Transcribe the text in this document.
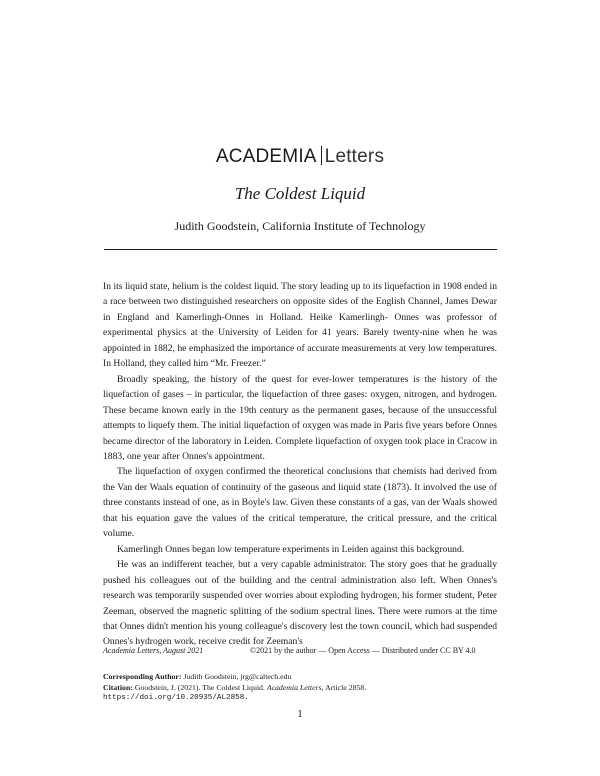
ACADEMIA Letters
The Coldest Liquid
Judith Goodstein, California Institute of Technology

In its liquid state, helium is the coldest liquid. The story leading up to its liquefaction in 1908 ended in a race between two distinguished researchers on opposite sides of the English Channel, James Dewar in England and Kamerlingh-Onnes in Holland. Heike Kamerlingh- Onnes was professor of experimental physics at the University of Leiden for 41 years. Barely twenty-nine when he was appointed in 1882, he emphasized the importance of accurate measurements at very low temperatures. In Holland, they called him “Mr. Freezer.”

Broadly speaking, the history of the quest for ever-lower temperatures is the history of the liquefaction of gases – in particular, the liquefaction of three gases: oxygen, nitrogen, and hydrogen. These became known early in the 19th century as the permanent gases, because of the unsuccessful attempts to liquefy them. The initial liquefaction of oxygen was made in Paris five years before Onnes became director of the laboratory in Leiden. Complete liquefaction of oxygen took place in Cracow in 1883, one year after Onnes's appointment.

The liquefaction of oxygen confirmed the theoretical conclusions that chemists had derived from the Van der Waals equation of continuity of the gaseous and liquid state (1873). It involved the use of three constants instead of one, as in Boyle's law. Given these constants of a gas, van der Waals showed that his equation gave the values of the critical temperature, the critical pressure, and the critical volume.

Kamerlingh Onnes began low temperature experiments in Leiden against this background.

He was an indifferent teacher, but a very capable administrator. The story goes that he gradually pushed his colleagues out of the building and the central administration also left. When Onnes's research was temporarily suspended over worries about exploding hydrogen, his former student, Peter Zeeman, observed the magnetic splitting of the sodium spectral lines. There were rumors at the time that Onnes didn't mention his young colleague's discovery lest the town council, which had suspended Onnes's hydrogen work, receive credit for Zeeman's

Academia Letters, August 2021	©2021 by the author — Open Access — Distributed under CC BY 4.0
Corresponding Author: Judith Goodstein, jrg@caltech.edu
Citation: Goodstein, J. (2021). The Coldest Liquid. Academia Letters, Article 2858.
https://doi.org/10.20935/AL2858.
1
